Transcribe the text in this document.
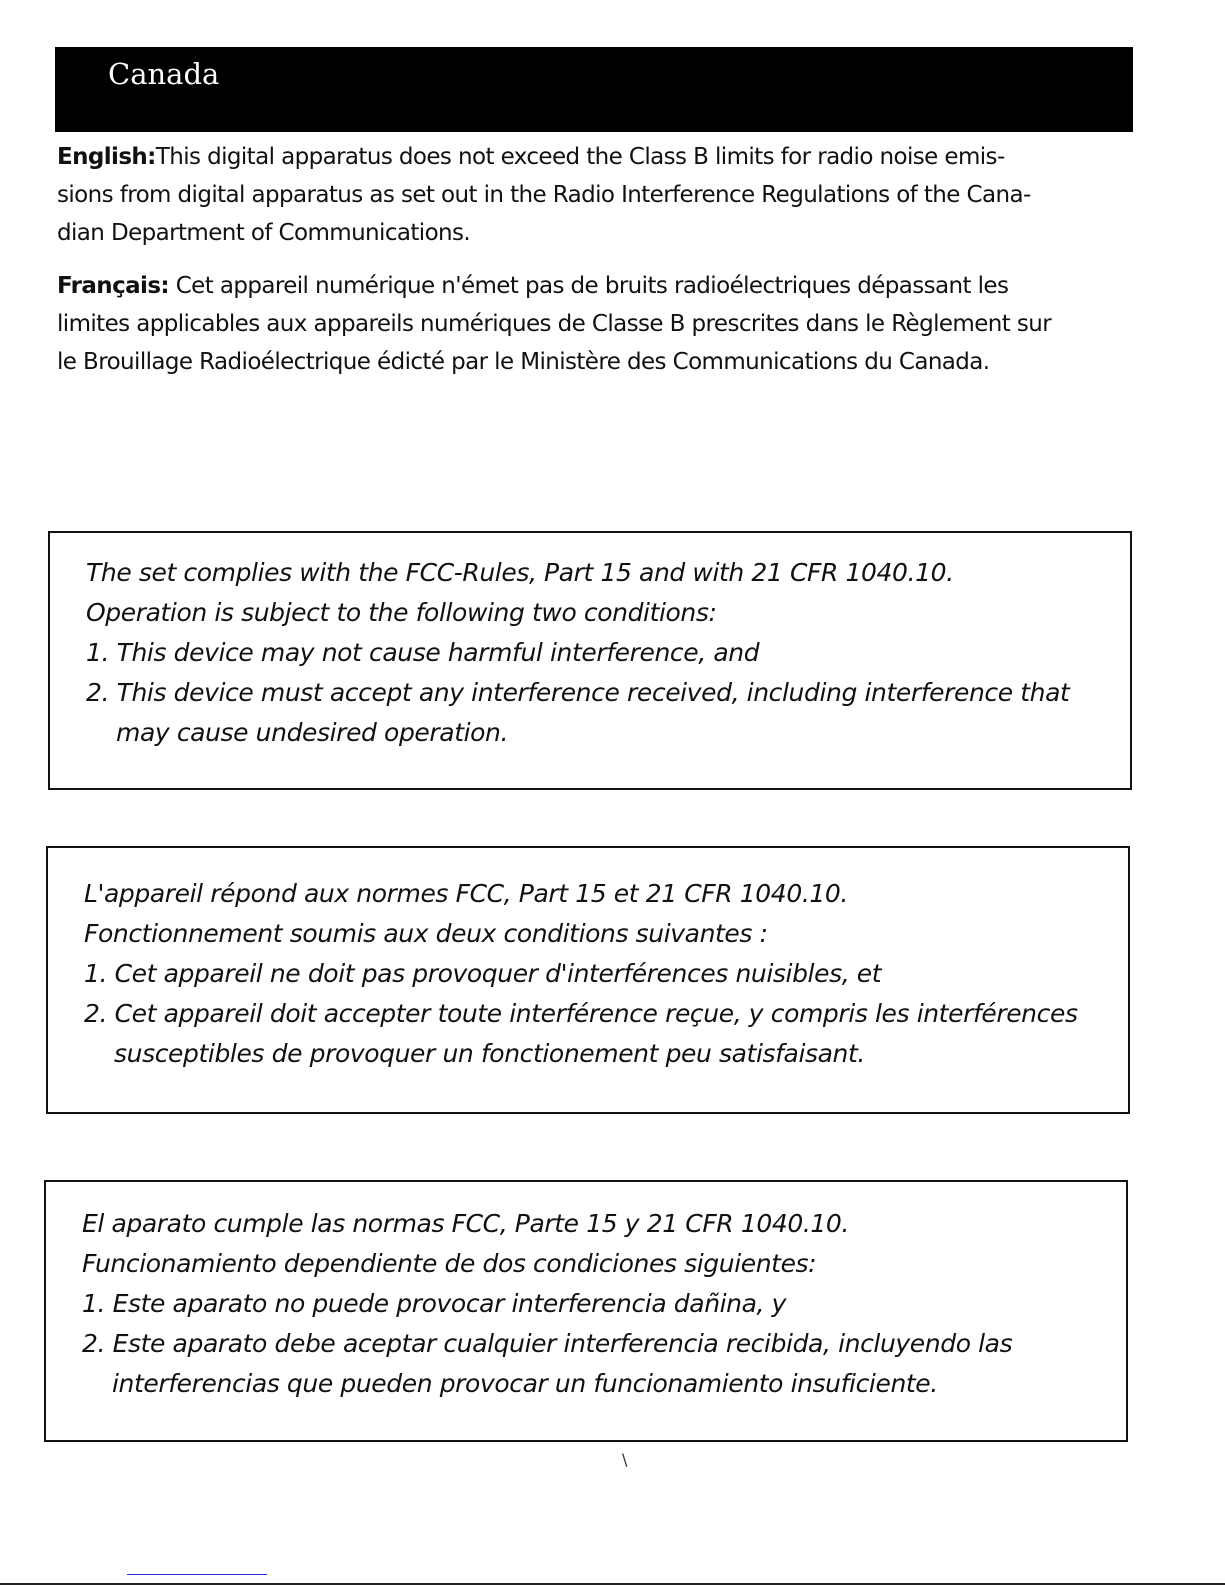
Canada
English:This digital apparatus does not exceed the Class B limits for radio noise emis-
sions from digital apparatus as set out in the Radio Interference Regulations of the Cana-
dian Department of Communications.
Français: Cet appareil numérique n'émet pas de bruits radioélectriques dépassant les
limites applicables aux appareils numériques de Classe B prescrites dans le Règlement sur
le Brouillage Radioélectrique édicté par le Ministère des Communications du Canada.
The set complies with the FCC-Rules, Part 15 and with 21 CFR 1040.10.
Operation is subject to the following two conditions:
1. This device may not cause harmful interference, and
2. This device must accept any interference received, including interference that
may cause undesired operation.
L'appareil répond aux normes FCC, Part 15 et 21 CFR 1040.10.
Fonctionnement soumis aux deux conditions suivantes :
1. Cet appareil ne doit pas provoquer d'interférences nuisibles, et
2. Cet appareil doit accepter toute interférence reçue, y compris les interférences
susceptibles de provoquer un fonctionement peu satisfaisant.
El aparato cumple las normas FCC, Parte 15 y 21 CFR 1040.10.
Funcionamiento dependiente de dos condiciones siguientes:
1. Este aparato no puede provocar interferencia dañina, y
2. Este aparato debe aceptar cualquier interferencia recibida, incluyendo las
interferencias que pueden provocar un funcionamiento insuficiente.
\
